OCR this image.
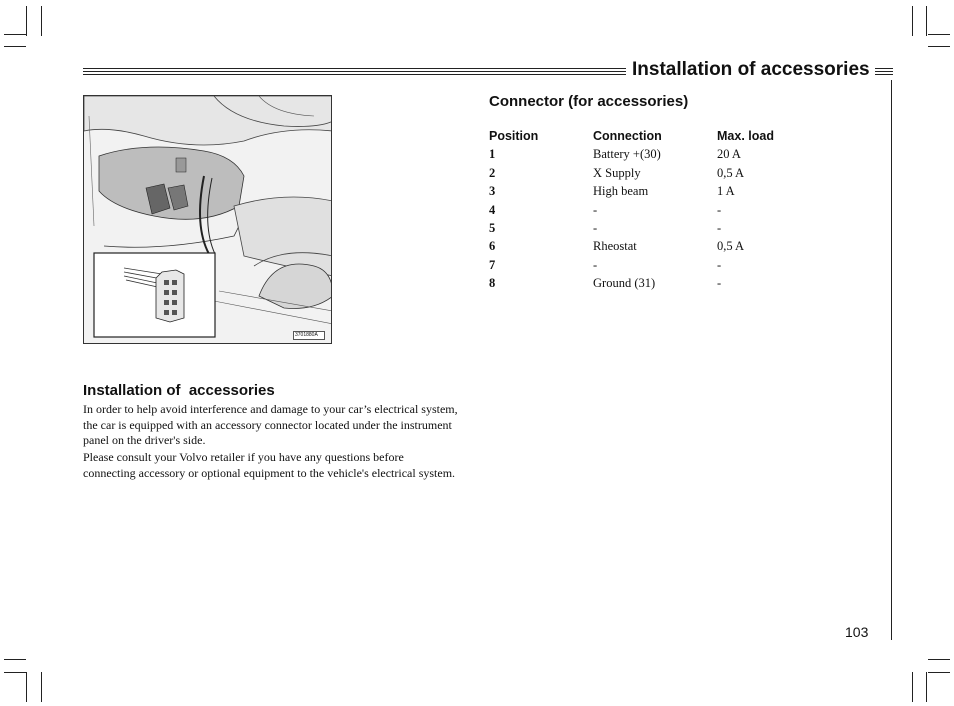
Installation of accessories
3701880A
Installation of  accessories

In order to help avoid interference and damage to your car’s electrical system, the car is equipped with an accessory connector located under the instrument panel on the driver's side.

Please consult your Volvo retailer if you have any questions before connecting accessory or optional equipment to the vehicle's electrical system.

Connector (for accessories)
Position	Connection	Max. load
1	Battery +(30)	20 A
2	X Supply	0,5 A
3	High beam	1 A
4	-	-
5	-	-
6	Rheostat	0,5 A
7	-	-
8	Ground (31)	-
103
